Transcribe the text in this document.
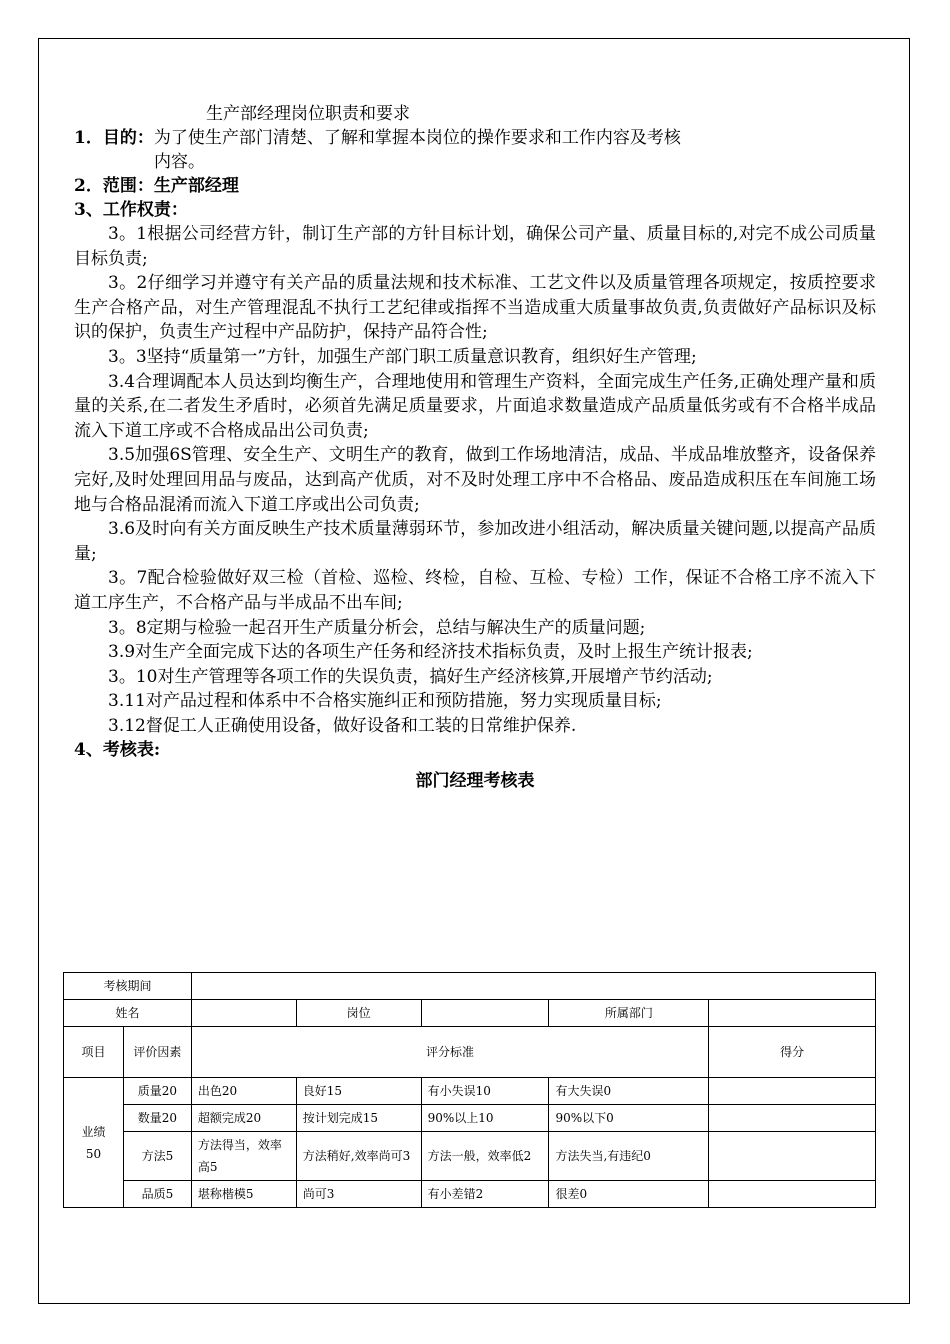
生产部经理岗位职责和要求
1．目的：为了使生产部门清楚、了解和掌握本岗位的操作要求和工作内容及考核
内容。
2．范围：生产部经理
3、工作权责：
3。1根据公司经营方针，制订生产部的方针目标计划，确保公司产量、质量目标的,对完不成公司质量目标负责;
3。2仔细学习并遵守有关产品的质量法规和技术标准、工艺文件以及质量管理各项规定，按质控要求生产合格产品，对生产管理混乱不执行工艺纪律或指挥不当造成重大质量事故负责,负责做好产品标识及标识的保护，负责生产过程中产品防护，保持产品符合性;
3。3坚持“质量第一”方针，加强生产部门职工质量意识教育，组织好生产管理;
3.4合理调配本人员达到均衡生产，合理地使用和管理生产资料，全面完成生产任务,正确处理产量和质量的关系,在二者发生矛盾时，必须首先满足质量要求，片面追求数量造成产品质量低劣或有不合格半成品流入下道工序或不合格成品出公司负责;
3.5加强6S管理、安全生产、文明生产的教育，做到工作场地清洁，成品、半成品堆放整齐，设备保养完好,及时处理回用品与废品，达到高产优质，对不及时处理工序中不合格品、废品造成积压在车间施工场地与合格品混淆而流入下道工序或出公司负责;
3.6及时向有关方面反映生产技术质量薄弱环节，参加改进小组活动，解决质量关键问题,以提高产品质量;
3。7配合检验做好双三检（首检、巡检、终检，自检、互检、专检）工作，保证不合格工序不流入下道工序生产，不合格产品与半成品不出车间;
3。8定期与检验一起召开生产质量分析会，总结与解决生产的质量问题;
3.9对生产全面完成下达的各项生产任务和经济技术指标负责，及时上报生产统计报表;
3。10对生产管理等各项工作的失误负责，搞好生产经济核算,开展增产节约活动;
3.11对产品过程和体系中不合格实施纠正和预防措施，努力实现质量目标;
3.12督促工人正确使用设备，做好设备和工装的日常维护保养.
4、考核表:
部门经理考核表
考核期间						
姓名			岗位		所属部门	
项目	评价因素	评分标准				得分
业绩50	质量20	出色20	良好15	有小失误10	有大失误0	
	数量20	超额完成20	按计划完成15	90%以上10	90%以下0	
	方法5	方法得当，效率高5	方法稍好,效率尚可3	方法一般，效率低2	方法失当,有违纪0	
	品质5	堪称楷模5	尚可3	有小差错2	很差0	
